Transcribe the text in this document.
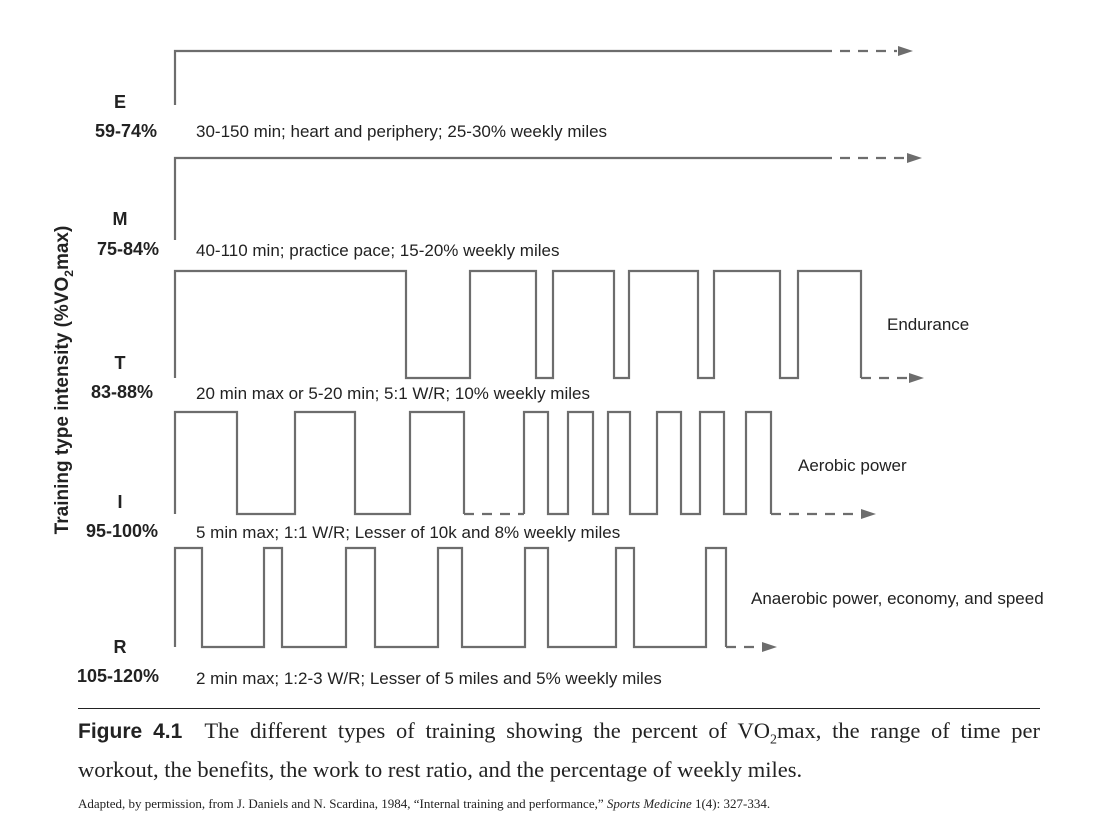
Training type intensity $(\%VO_2\max)$
E
59-74% 30-150 min; heart and periphery; 25-30% weekly miles
M
75-84% 40-110 min; practice pace; 15-20% weekly miles
T
83-88%	20 min max or 5-20 min; 5:1 W/R; 10% weekly miles
Endurance
I
95-100% 5 min max; 1:1 W/R; Lesser of 10k and 8% weekly miles
Aerobic power
R
105-120% 2 min max; 1:2-3 W/R; Lesser of 5 miles and 5% weekly miles
Anaerobic power, economy, and speed
Figure 4.1 The different types of training showing the percent of $VO_2\max$, the range of time per workout, the benefits, the work to rest ratio, and the percentage of weekly miles.
Adapted, by permission, from J. Daniels and N. Scardina, 1984, “Internal training and performance,” Sports Medicine 1(4): 327-334.
